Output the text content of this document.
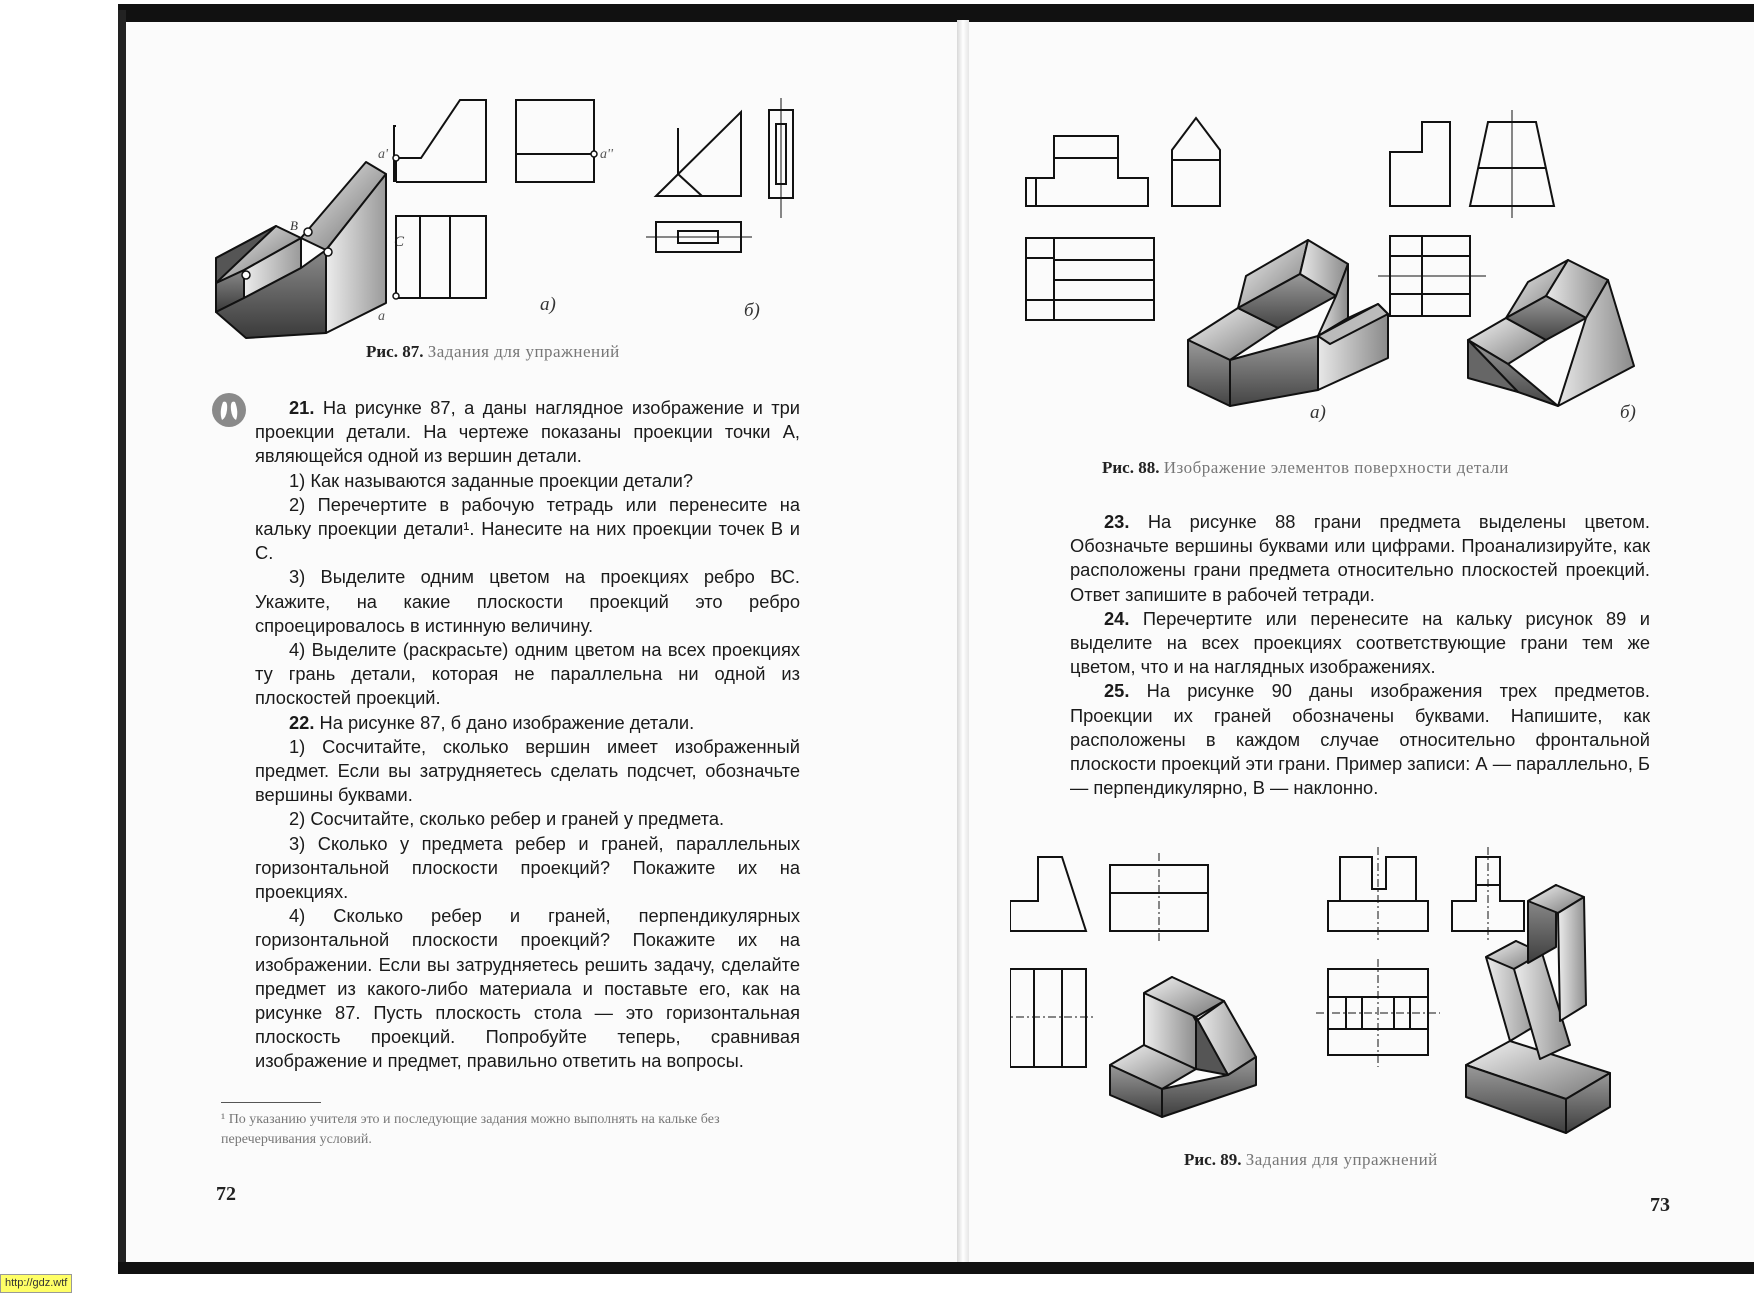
C
B
a'	a''
a
а)	б)
Рис. 87. Задания для упражнений

21. На рисунке 87, а даны наглядное изображение и три проекции детали. На чертеже показаны проекции точки А, являющейся одной из вершин детали.

1) Как называются заданные проекции детали?

2) Перечертите в рабочую тетрадь или перенесите на кальку проекции детали¹. Нанесите на них проекции точек В и С.

3) Выделите одним цветом на проекциях ребро ВС. Укажите, на какие плоскости проекций это ребро спроецировалось в истинную величину.

4) Выделите (раскрасьте) одним цветом на всех проекциях ту грань детали, которая не параллельна ни одной из плоскостей проекций.

22. На рисунке 87, б дано изображение детали.

1) Сосчитайте, сколько вершин имеет изображенный предмет. Если вы затрудняетесь сделать подсчет, обозначьте вершины буквами.

2) Сосчитайте, сколько ребер и граней у предмета.

3) Сколько у предмета ребер и граней, параллельных горизонтальной плоскости проекций? Покажите их на проекциях.

4) Сколько ребер и граней, перпендикулярных горизонтальной плоскости проекций? Покажите их на изображении. Если вы затрудняетесь решить задачу, сделайте предмет из какого-либо материала и поставьте его, как на рисунке 87. Пусть плоскость стола — это горизонтальная плоскость проекций. Попробуйте теперь, сравнивая изображение и предмет, правильно ответить на вопросы.

¹ По указанию учителя это и последующие задания можно выполнять на кальке без перечерчивания условий.
72
а)	б)
Рис. 88. Изображение элементов поверхности детали

23. На рисунке 88 грани предмета выделены цветом. Обозначьте вершины буквами или цифрами. Проанализируйте, как расположены грани предмета относительно плоскостей проекций. Ответ запишите в рабочей тетради.

24. Перечертите или перенесите на кальку рисунок 89 и выделите на всех проекциях соответствующие грани тем же цветом, что и на наглядных изображениях.

25. На рисунке 90 даны изображения трех предметов. Проекции их граней обозначены буквами. Напишите, как расположены в каждом случае относительно фронтальной плоскости проекций эти грани. Пример записи: А — параллельно, Б — перпендикулярно, В — наклонно.

Рис. 89. Задания для упражнений
73
http://gdz.wtf
